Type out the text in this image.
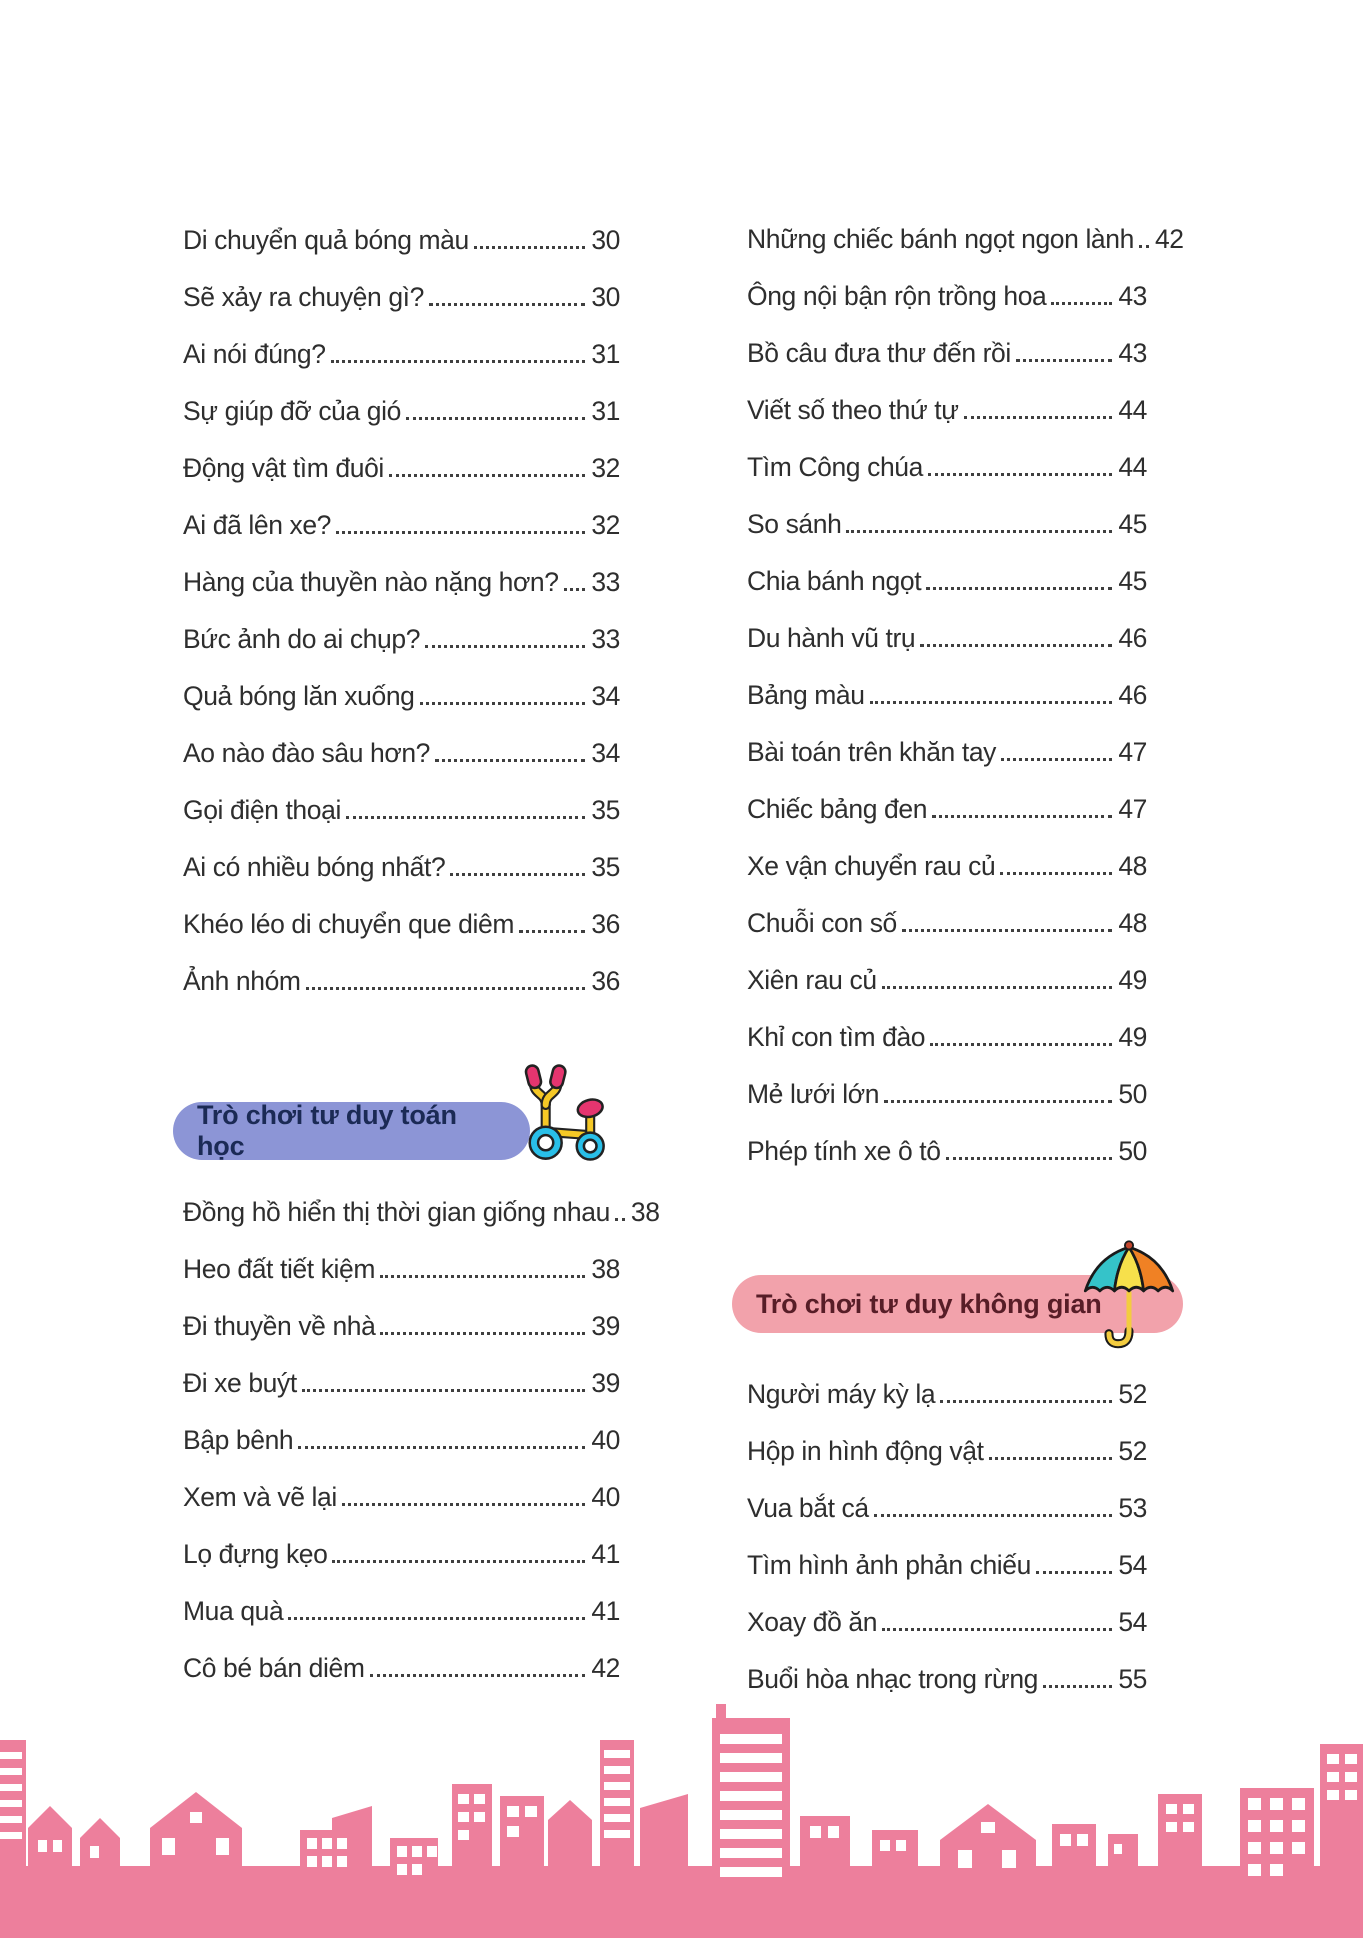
Di chuyển quả bóng màu	30
Sẽ xảy ra chuyện gì?	30
Ai nói đúng?	31
Sự giúp đỡ của gió	31
Động vật tìm đuôi	32
Ai đã lên xe?	32
Hàng của thuyền nào nặng hơn? 33
Bức ảnh do ai chụp?	33
Quả bóng lăn xuống	34
Ao nào đào sâu hơn?	34
Gọi điện thoại	35
Ai có nhiều bóng nhất?	35
Khéo léo di chuyển que diêm	36
Ảnh nhóm	36
Trò chơi tư duy toán học
Đồng hồ hiển thị thời gian giống nhau 38
Heo đất tiết kiệm	38
Đi thuyền về nhà	39
Đi xe buýt	39
Bập bênh	40
Xem và vẽ lại	40
Lọ đựng kẹo	41
Mua quà	41
Cô bé bán diêm	42
Những chiếc bánh ngọt ngon lành 42
Ông nội bận rộn trồng hoa	43
Bồ câu đưa thư đến rồi	43
Viết số theo thứ tự	44
Tìm Công chúa	44
So sánh	45
Chia bánh ngọt	45
Du hành vũ trụ	46
Bảng màu	46
Bài toán trên khăn tay	47
Chiếc bảng đen	47
Xe vận chuyển rau củ	48
Chuỗi con số	48
Xiên rau củ	49
Khỉ con tìm đào	49
Mẻ lưới lớn	50
Phép tính xe ô tô	50
Trò chơi tư duy không gian
Người máy kỳ lạ	52
Hộp in hình động vật	52
Vua bắt cá	53
Tìm hình ảnh phản chiếu	54
Xoay đồ ăn	54
Buổi hòa nhạc trong rừng	55
